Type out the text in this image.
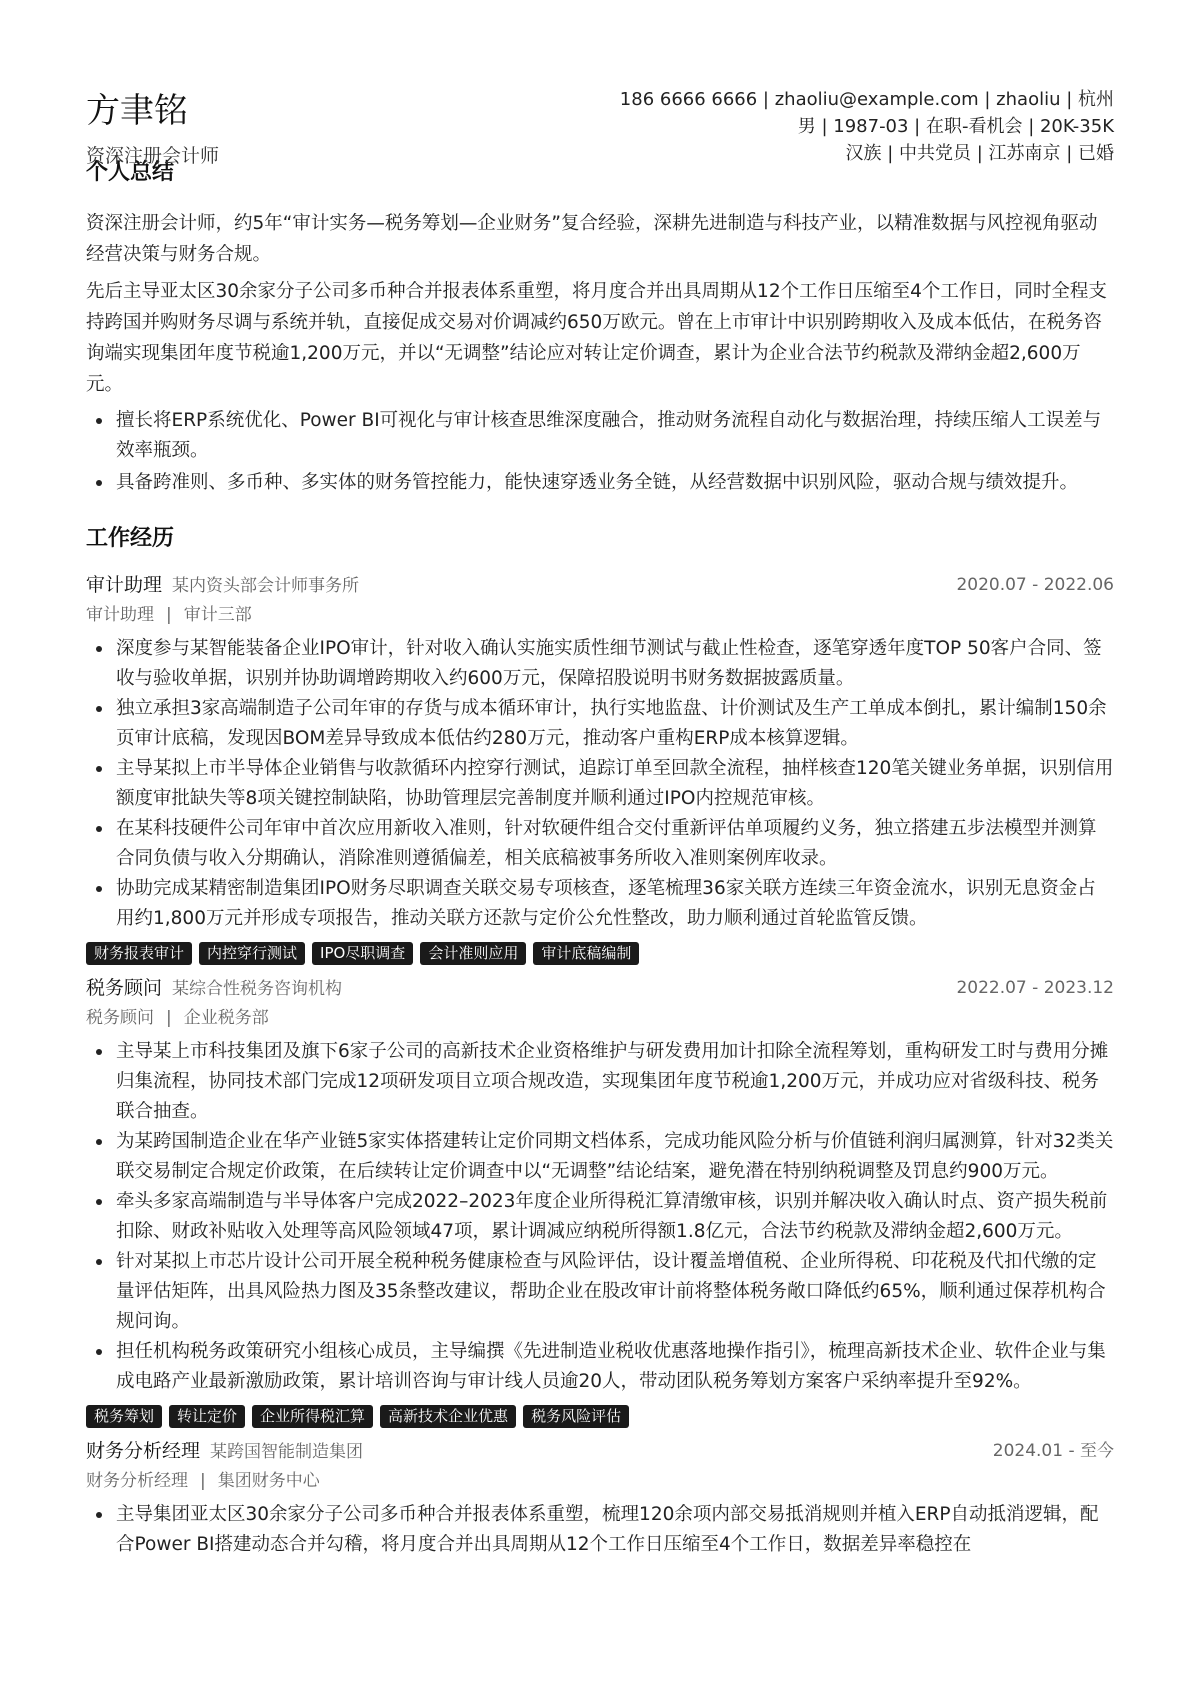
方聿铭
资深注册会计师
186 6666 6666 | zhaoliu@example.com | zhaoliu | 杭州
男 | 1987-03 | 在职-看机会 | 20K-35K
汉族 | 中共党员 | 江苏南京 | 已婚
个人总结

资深注册会计师，约5年“审计实务—税务筹划—企业财务”复合经验，深耕先进制造与科技产业，以精准数据与风控视角驱动经营决策与财务合规。

先后主导亚太区30余家分子公司多币种合并报表体系重塑，将月度合并出具周期从12个工作日压缩至4个工作日，同时全程支持跨国并购财务尽调与系统并轨，直接促成交易对价调减约650万欧元。曾在上市审计中识别跨期收入及成本低估，在税务咨询端实现集团年度节税逾1,200万元，并以“无调整”结论应对转让定价调查，累计为企业合法节约税款及滞纳金超2,600万元。

擅长将ERP系统优化、Power BI可视化与审计核查思维深度融合，推动财务流程自动化与数据治理，持续压缩人工误差与效率瓶颈。
具备跨准则、多币种、多实体的财务管控能力，能快速穿透业务全链，从经营数据中识别风险，驱动合规与绩效提升。
工作经历
审计助理 某内资头部会计师事务所	2020.07 - 2022.06
审计助理 | 审计三部
深度参与某智能装备企业IPO审计，针对收入确认实施实质性细节测试与截止性检查，逐笔穿透年度TOP 50客户合同、签收与验收单据，识别并协助调增跨期收入约600万元，保障招股说明书财务数据披露质量。
独立承担3家高端制造子公司年审的存货与成本循环审计，执行实地监盘、计价测试及生产工单成本倒扎，累计编制150余页审计底稿，发现因BOM差异导致成本低估约280万元，推动客户重构ERP成本核算逻辑。
主导某拟上市半导体企业销售与收款循环内控穿行测试，追踪订单至回款全流程，抽样核查120笔关键业务单据，识别信用额度审批缺失等8项关键控制缺陷，协助管理层完善制度并顺利通过IPO内控规范审核。
在某科技硬件公司年审中首次应用新收入准则，针对软硬件组合交付重新评估单项履约义务，独立搭建五步法模型并测算合同负债与收入分期确认，消除准则遵循偏差，相关底稿被事务所收入准则案例库收录。
协助完成某精密制造集团IPO财务尽职调查关联交易专项核查，逐笔梳理36家关联方连续三年资金流水，识别无息资金占用约1,800万元并形成专项报告，推动关联方还款与定价公允性整改，助力顺利通过首轮监管反馈。
财务报表审计	内控穿行测试	IPO尽职调查	会计准则应用	审计底稿编制
税务顾问 某综合性税务咨询机构	2022.07 - 2023.12
税务顾问 | 企业税务部
主导某上市科技集团及旗下6家子公司的高新技术企业资格维护与研发费用加计扣除全流程筹划，重构研发工时与费用分摊归集流程，协同技术部门完成12项研发项目立项合规改造，实现集团年度节税逾1,200万元，并成功应对省级科技、税务联合抽查。
为某跨国制造企业在华产业链5家实体搭建转让定价同期文档体系，完成功能风险分析与价值链利润归属测算，针对32类关联交易制定合规定价政策，在后续转让定价调查中以“无调整”结论结案，避免潜在特别纳税调整及罚息约900万元。
牵头多家高端制造与半导体客户完成2022–2023年度企业所得税汇算清缴审核，识别并解决收入确认时点、资产损失税前扣除、财政补贴收入处理等高风险领域47项，累计调减应纳税所得额1.8亿元，合法节约税款及滞纳金超2,600万元。
针对某拟上市芯片设计公司开展全税种税务健康检查与风险评估，设计覆盖增值税、企业所得税、印花税及代扣代缴的定量评估矩阵，出具风险热力图及35条整改建议，帮助企业在股改审计前将整体税务敞口降低约65%，顺利通过保荐机构合规问询。
担任机构税务政策研究小组核心成员，主导编撰《先进制造业税收优惠落地操作指引》，梳理高新技术企业、软件企业与集成电路产业最新激励政策，累计培训咨询与审计线人员逾20人，带动团队税务筹划方案客户采纳率提升至92%。
税务筹划	转让定价	企业所得税汇算	高新技术企业优惠	税务风险评估
财务分析经理 某跨国智能制造集团	2024.01 - 至今
财务分析经理 | 集团财务中心
主导集团亚太区30余家分子公司多币种合并报表体系重塑，梳理120余项内部交易抵消规则并植入ERP自动抵消逻辑，配合Power BI搭建动态合并勾稽，将月度合并出具周期从12个工作日压缩至4个工作日，数据差异率稳控在
